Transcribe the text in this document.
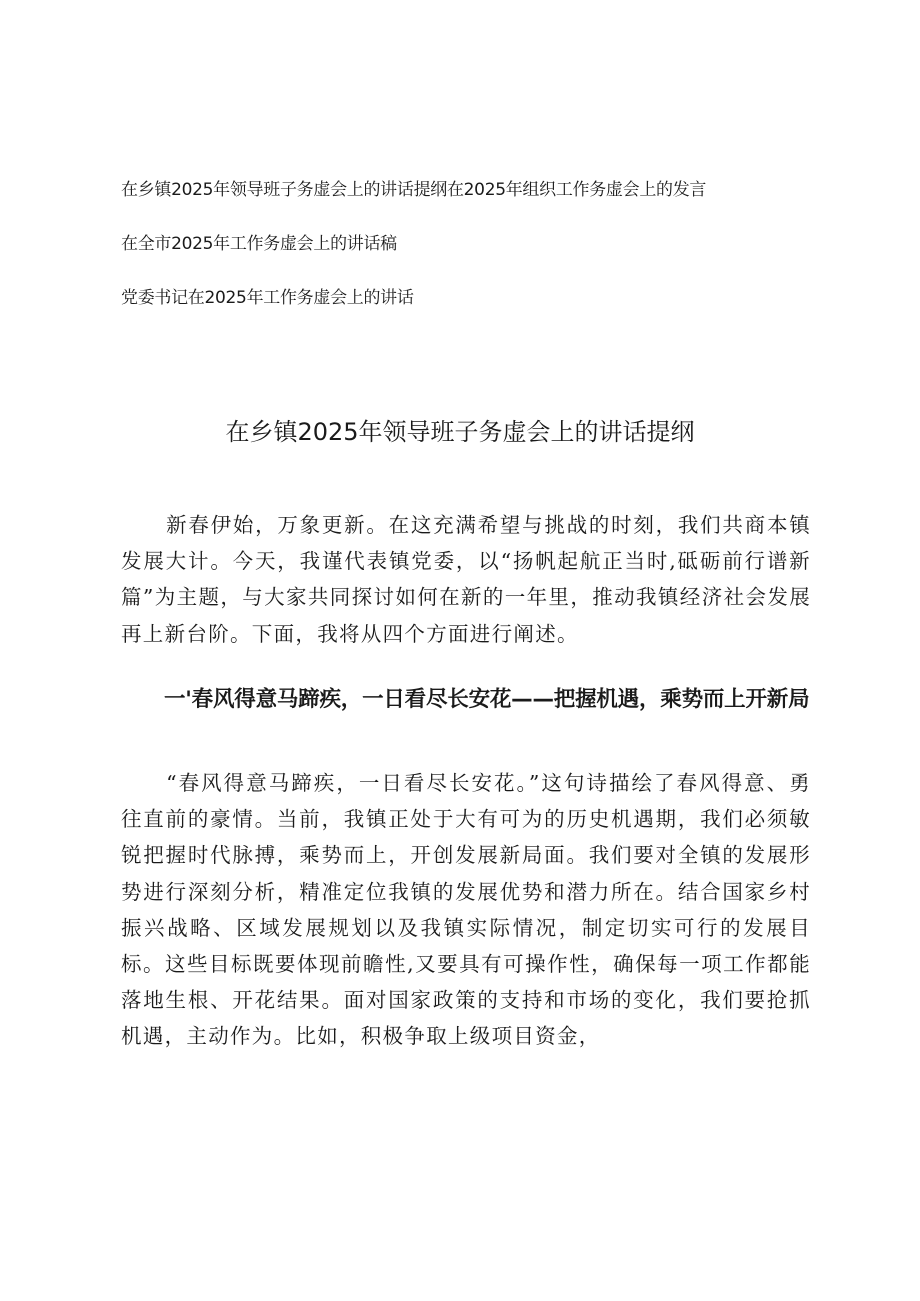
在乡镇2025年领导班子务虚会上的讲话提纲在2025年组织工作务虚会上的发言

在全市2025年工作务虚会上的讲话稿

党委书记在2025年工作务虚会上的讲话

在乡镇2025年领导班子务虚会上的讲话提纲

新春伊始，万象更新。在这充满希望与挑战的时刻，我们共商本镇发展大计。今天，我谨代表镇党委，以“扬帆起航正当时,砥砺前行谱新篇”为主题，与大家共同探讨如何在新的一年里，推动我镇经济社会发展再上新台阶。下面，我将从四个方面进行阐述。

一'春风得意马蹄疾，一日看尽长安花——把握机遇，乘势而上开新局

“春风得意马蹄疾，一日看尽长安花。”这句诗描绘了春风得意、勇往直前的豪情。当前，我镇正处于大有可为的历史机遇期，我们必须敏锐把握时代脉搏，乘势而上，开创发展新局面。我们要对全镇的发展形势进行深刻分析，精准定位我镇的发展优势和潜力所在。结合国家乡村振兴战略、区域发展规划以及我镇实际情况，制定切实可行的发展目标。这些目标既要体现前瞻性,又要具有可操作性，确保每一项工作都能落地生根、开花结果。面对国家政策的支持和市场的变化，我们要抢抓机遇，主动作为。比如，积极争取上级项目资金，
